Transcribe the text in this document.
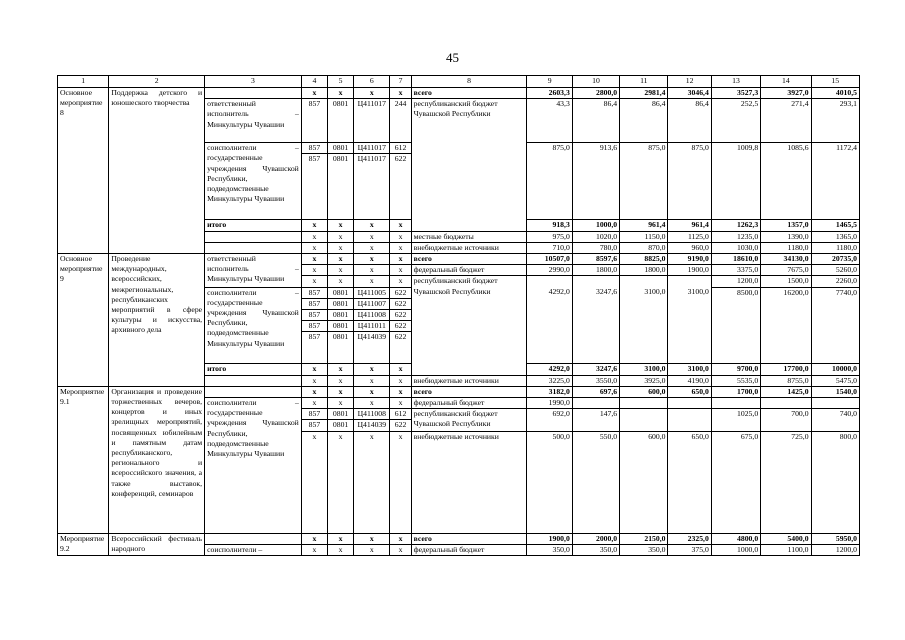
45
1	2	3	4	5	6	7	8	9	10	11	12	13	14	15
Основное мероприятие 8	Поддержка детского и юношеского творчества		х	х	х	х	всего	2603,3	2800,0	2981,4	3046,4	3527,3	3927,0	4010,5
		ответственный исполнитель – Минкультуры Чувашии	857	0801	Ц411017	244	республиканский бюджет Чувашской Республики	43,3	86,4	86,4	86,4	252,5	271,4	293,1
		соисполнители – государственные учреждения Чувашской Республики, подведомственные Минкультуры Чувашии	857	0801	Ц411017	612		875,0	913,6	875,0	875,0	1009,8	1085,6	1172,4
			857	0801	Ц411017	622								
		итого	х	х	х	х		918,3	1000,0	961,4	961,4	1262,3	1357,0	1465,5
			х	х	х	х	местные бюджеты	975,0	1020,0	1150,0	1125,0	1235,0	1390,0	1365,0
			х	х	х	х	внебюджетные источники	710,0	780,0	870,0	960,0	1030,0	1180,0	1180,0
Основное мероприятие 9	Проведение международных, всероссийских, межрегиональных, республиканских мероприятий в сфере культуры и искусства, архивного дела	ответственный исполнитель – Минкультуры Чувашии	х	х	х	х	всего	10507,0	8597,6	8825,0	9190,0	18610,0	34130,0	20735,0
			х	х	х	х	федеральный бюджет	2990,0	1800,0	1800,0	1900,0	3375,0	7675,0	5260,0
			х	х	х	х	республиканский бюджет Чувашской Республики					1200,0	1500,0	2260,0
		соисполнители – государственные учреждения Чувашской Республики, подведомственные Минкультуры Чувашии	857	0801	Ц411005	622		4292,0	3247,6	3100,0	3100,0	8500,0	16200,0	7740,0
			857	0801	Ц411007	622								
			857	0801	Ц411008	622								
			857	0801	Ц411011	622								
			857	0801	Ц414039	622								
		итого	х	х	х	х		4292,0	3247,6	3100,0	3100,0	9700,0	17700,0	10000,0
			х	х	х	х	внебюджетные источники	3225,0	3550,0	3925,0	4190,0	5535,0	8755,0	5475,0
Мероприятие 9.1	Организация и проведение торжественных вечеров, концертов и иных зрелищных мероприятий, посвященных юбилейным и памятным датам республиканского, регионального и всероссийского значения, а также выставок, конференций, семинаров		х	х	х	х	всего	3182,0	697,6	600,0	650,0	1700,0	1425,0	1540,0
		соисполнители – государственные учреждения Чувашской Республики, подведомственные Минкультуры Чувашии	х	х	х	х	федеральный бюджет	1990,0						
			857	0801	Ц411008	612	республиканский бюджет Чувашской Республики	692,0	147,6			1025,0	700,0	740,0
			857	0801	Ц414039	622								
			х	х	х	х	внебюджетные источники	500,0	550,0	600,0	650,0	675,0	725,0	800,0
Мероприятие 9.2	Всероссийский фестиваль народного		х	х	х	х	всего	1900,0	2000,0	2150,0	2325,0	4800,0	5400,0	5950,0
		соисполнители –	х	х	х	х	федеральный бюджет	350,0	350,0	350,0	375,0	1000,0	1100,0	1200,0
